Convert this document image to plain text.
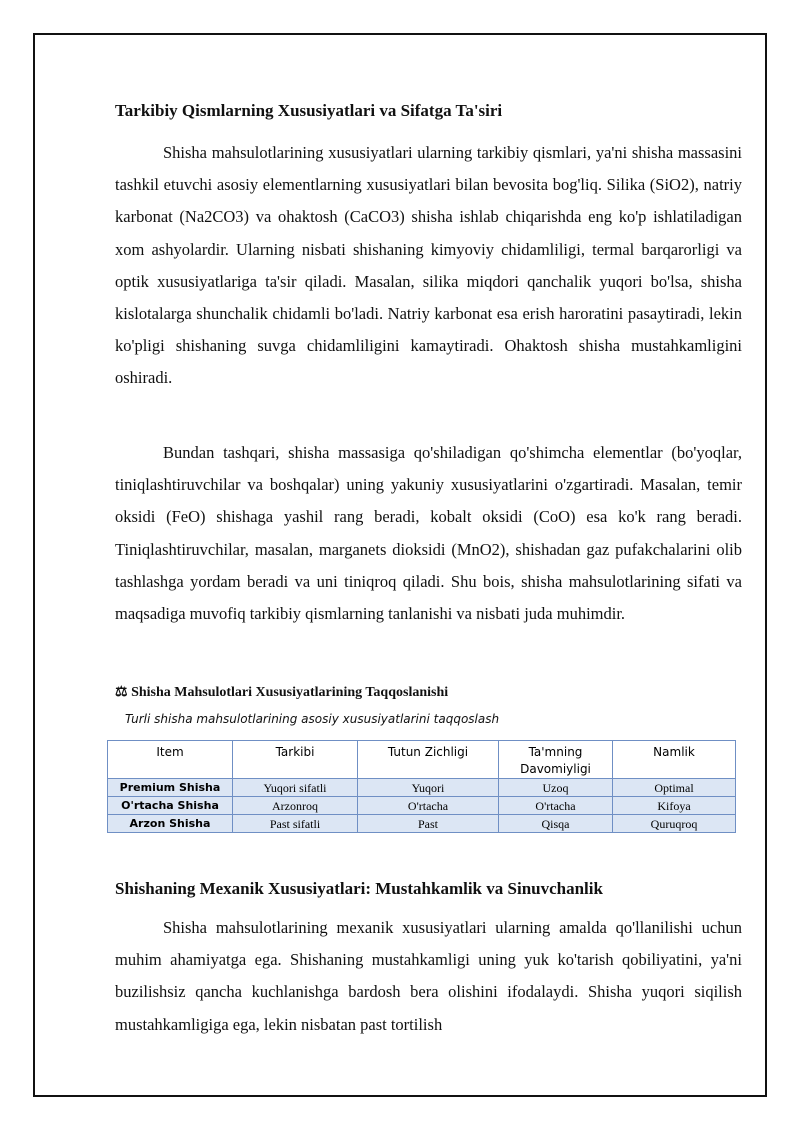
Tarkibiy Qismlarning Xususiyatlari va Sifatga Ta'siri

Shisha mahsulotlarining xususiyatlari ularning tarkibiy qismlari, ya'ni shisha massasini tashkil etuvchi asosiy elementlarning xususiyatlari bilan bevosita bog'liq. Silika (SiO2), natriy karbonat (Na2CO3) va ohaktosh (CaCO3) shisha ishlab chiqarishda eng ko'p ishlatiladigan xom ashyolardir. Ularning nisbati shishaning kimyoviy chidamliligi, termal barqarorligi va optik xususiyatlariga ta'sir qiladi. Masalan, silika miqdori qanchalik yuqori bo'lsa, shisha kislotalarga shunchalik chidamli bo'ladi. Natriy karbonat esa erish haroratini pasaytiradi, lekin ko'pligi shishaning suvga chidamliligini kamaytiradi. Ohaktosh shisha mustahkamligini oshiradi.

Bundan tashqari, shisha massasiga qo'shiladigan qo'shimcha elementlar (bo'yoqlar, tiniqlashtiruvchilar va boshqalar) uning yakuniy xususiyatlarini o'zgartiradi. Masalan, temir oksidi (FeO) shishaga yashil rang beradi, kobalt oksidi (CoO) esa ko'k rang beradi. Tiniqlashtiruvchilar, masalan, marganets dioksidi (MnO2), shishadan gaz pufakchalarini olib tashlashga yordam beradi va uni tiniqroq qiladi. Shu bois, shisha mahsulotlarining sifati va maqsadiga muvofiq tarkibiy qismlarning tanlanishi va nisbati juda muhimdir.

⚖ Shisha Mahsulotlari Xususiyatlarining Taqqoslanishi
Turli shisha mahsulotlarining asosiy xususiyatlarini taqqoslash
Shishaning Mexanik Xususiyatlari: Mustahkamlik va Sinuvchanlik

Shisha mahsulotlarining mexanik xususiyatlari ularning amalda qo'llanilishi uchun muhim ahamiyatga ega. Shishaning mustahkamligi uning yuk ko'tarish qobiliyatini, ya'ni buzilishsiz qancha kuchlanishga bardosh bera olishini ifodalaydi. Shisha yuqori siqilish mustahkamligiga ega, lekin nisbatan past tortilish

Item	Tarkibi	Tutun Zichligi	Ta'mning Davomiyligi	Namlik
Premium Shisha	Yuqori sifatli	Yuqori	Uzoq	Optimal
O'rtacha Shisha	Arzonroq	O'rtacha	O'rtacha	Kifoya
Arzon Shisha	Past sifatli	Past	Qisqa	Quruqroq
